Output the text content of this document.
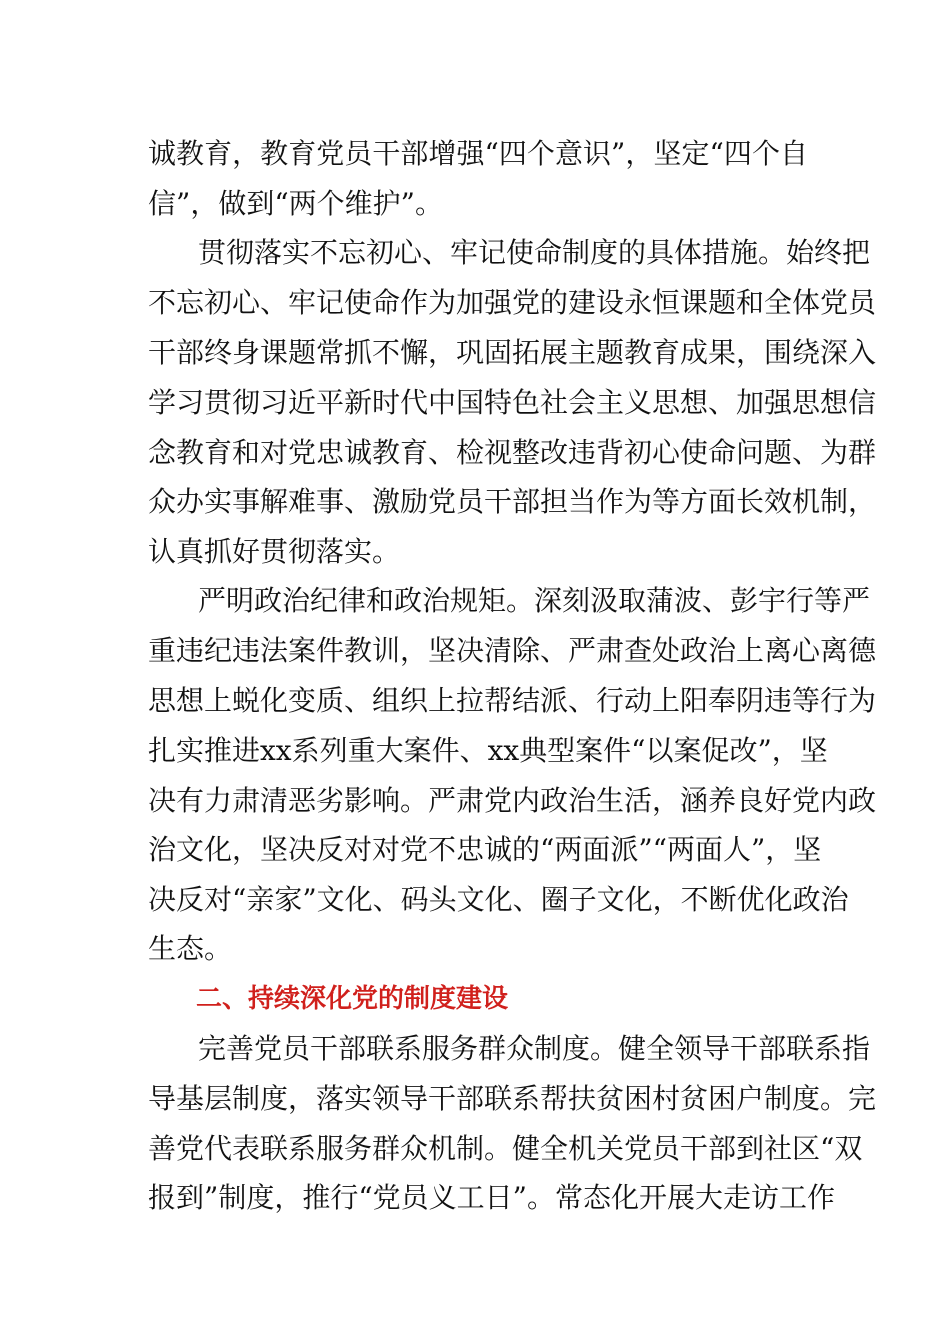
诚教育，教育党员干部增强“四个意识”，坚定“四个自
信”，做到“两个维护”。
贯彻落实不忘初心、牢记使命制度的具体措施。始终把
不忘初心、牢记使命作为加强党的建设永恒课题和全体党员
干部终身课题常抓不懈，巩固拓展主题教育成果，围绕深入
学习贯彻习近平新时代中国特色社会主义思想、加强思想信
念教育和对党忠诚教育、检视整改违背初心使命问题、为群
众办实事解难事、激励党员干部担当作为等方面长效机制，
认真抓好贯彻落实。
严明政治纪律和政治规矩。深刻汲取蒲波、彭宇行等严
重违纪违法案件教训，坚决清除、严肃查处政治上离心离德
思想上蜕化变质、组织上拉帮结派、行动上阳奉阴违等行为
扎实推进xx系列重大案件、xx典型案件“以案促改”，坚
决有力肃清恶劣影响。严肃党内政治生活，涵养良好党内政
治文化，坚决反对对党不忠诚的“两面派”“两面人”，坚
决反对“亲家”文化、码头文化、圈子文化，不断优化政治
生态。
二、持续深化党的制度建设
完善党员干部联系服务群众制度。健全领导干部联系指
导基层制度，落实领导干部联系帮扶贫困村贫困户制度。完
善党代表联系服务群众机制。健全机关党员干部到社区“双
报到”制度，推行“党员义工日”。常态化开展大走访工作
